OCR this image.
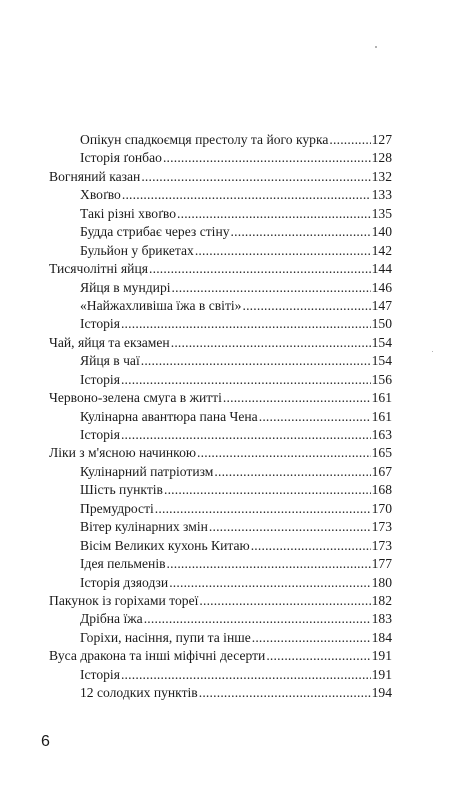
Опікун спадкоємця престолу та його курка . . .	127
Історія ґонбао . . .	128
Вогняний казан . . .	132
Хвоґво . . .	133
Такі різні хвоґво . . .	135
Будда стрибає через стіну . . .	140
Бульйон у брикетах . . .	142
Тисячолітні яйця . . .	144
Яйця в мундирі . . .	146
«Найжахливіша їжа в світі» . . .	147
Історія . . .	150
Чай, яйця та екзамен . . .	154
Яйця в чаї . . .	154
Історія . . .	156
Червоно-зелена смуга в житті . . .	161
Кулінарна авантюра пана Чена . . .	161
Історія . . .	163
Ліки з м'ясною начинкою . . .	165
Кулінарний патріотизм . . .	167
Шість пунктів . . .	168
Премудрості . . .	170
Вітер кулінарних змін . . .	173
Вісім Великих кухонь Китаю . . .	173
Ідея пельменів . . .	177
Історія дзяодзи . . .	180
Пакунок із горіхами тореї . . .	182
Дрібна їжа . . .	183
Горіхи, насіння, пупи та інше . . .	184
Вуса дракона та інші міфічні десерти . . .	191
Історія . . .	191
12 солодких пунктів . . .	194
6
